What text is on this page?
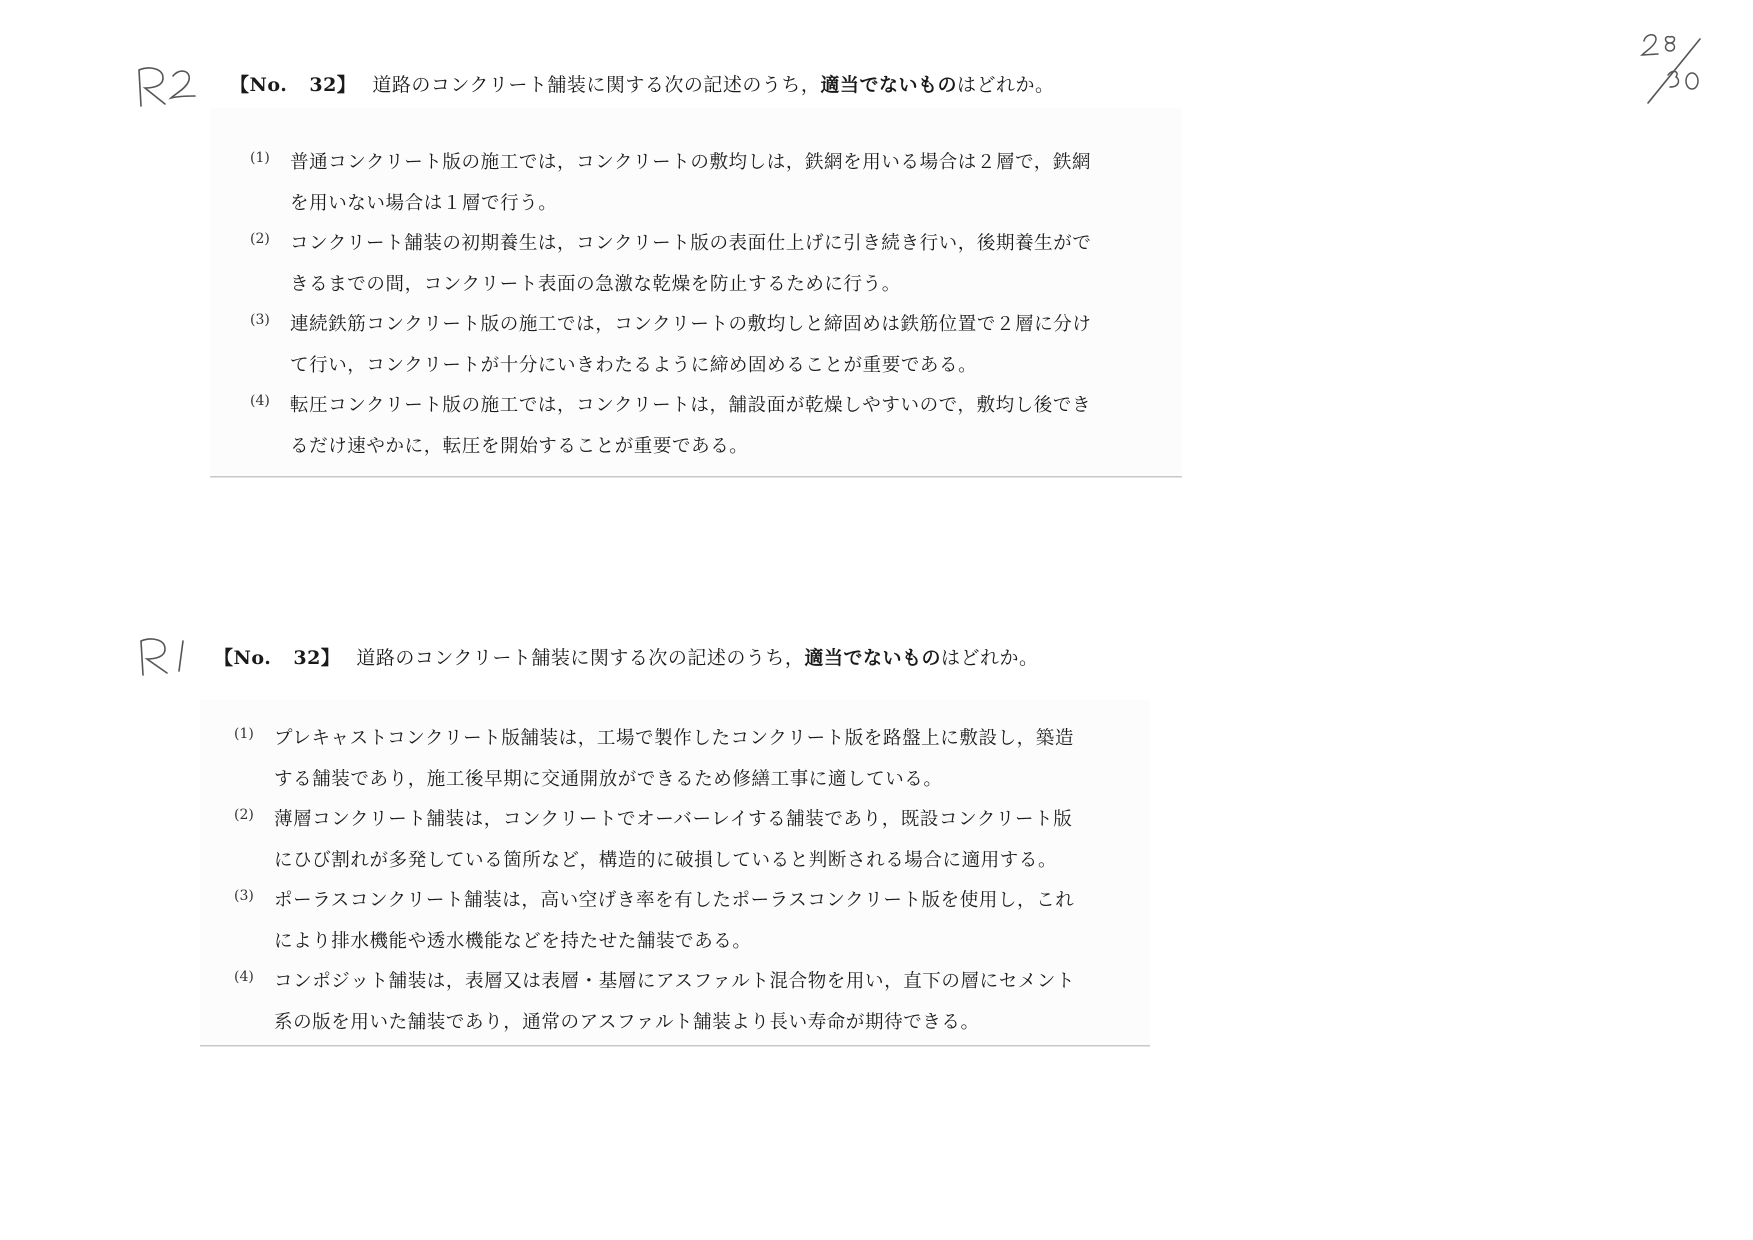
【No. 32】 道路のコンクリート舗装に関する次の記述のうち，適当でないものはどれか。
(1) 普通コンクリート版の施工では，コンクリートの敷均しは，鉄網を用いる場合は２層で，鉄網
を用いない場合は１層で行う。
(2) コンクリート舗装の初期養生は，コンクリート版の表面仕上げに引き続き行い，後期養生がで
きるまでの間，コンクリート表面の急激な乾燥を防止するために行う。
(3) 連続鉄筋コンクリート版の施工では，コンクリートの敷均しと締固めは鉄筋位置で２層に分け
て行い，コンクリートが十分にいきわたるように締め固めることが重要である。
(4) 転圧コンクリート版の施工では，コンクリートは，舗設面が乾燥しやすいので，敷均し後でき
るだけ速やかに，転圧を開始することが重要である。
【No. 32】 道路のコンクリート舗装に関する次の記述のうち，適当でないものはどれか。
(1) プレキャストコンクリート版舗装は，工場で製作したコンクリート版を路盤上に敷設し，築造
する舗装であり，施工後早期に交通開放ができるため修繕工事に適している。
(2) 薄層コンクリート舗装は，コンクリートでオーバーレイする舗装であり，既設コンクリート版
にひび割れが多発している箇所など，構造的に破損していると判断される場合に適用する。
(3) ポーラスコンクリート舗装は，高い空げき率を有したポーラスコンクリート版を使用し，これ
により排水機能や透水機能などを持たせた舗装である。
(4) コンポジット舗装は，表層又は表層・基層にアスファルト混合物を用い，直下の層にセメント
系の版を用いた舗装であり，通常のアスファルト舗装より長い寿命が期待できる。
